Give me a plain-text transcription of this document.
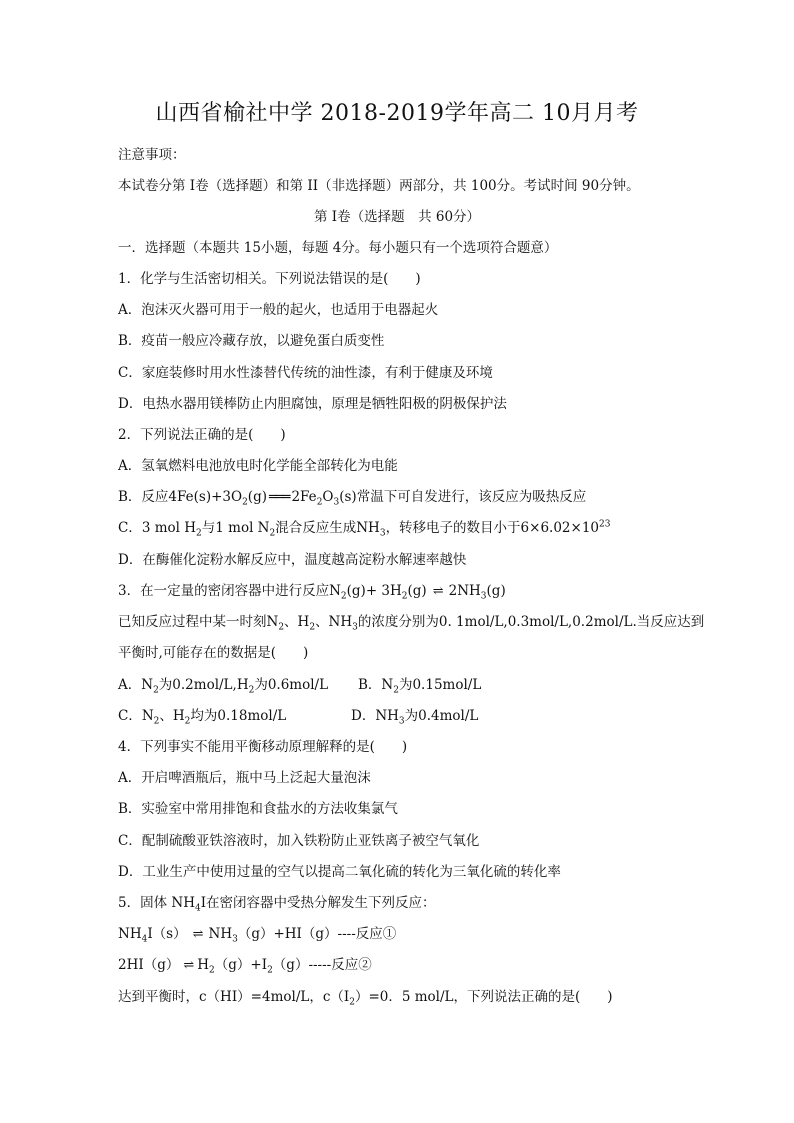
山西省榆社中学 2018-2019学年高二 10月月考
注意事项：
本试卷分第 I卷（选择题）和第 II（非选择题）两部分，共 100分。考试时间 90分钟。
第 I卷（选择题　共 60分）
一．选择题（本题共 15小题，每题 4分。每小题只有一个选项符合题意）
1．化学与生活密切相关。下列说法错误的是(　　)
A．泡沫灭火器可用于一般的起火，也适用于电器起火
B．疫苗一般应冷藏存放，以避免蛋白质变性
C．家庭装修时用水性漆替代传统的油性漆，有利于健康及环境
D．电热水器用镁棒防止内胆腐蚀，原理是牺牲阳极的阴极保护法
2．下列说法正确的是(　　)
A．氢氧燃料电池放电时化学能全部转化为电能
B．反应$4Fe(s)+3O_2(g)$ ═══ $2Fe_2O_3(s)$常温下可自发进行，该反应为吸热反应
C．3 mol $H_2$与1 mol $N_2$混合反应生成$NH_3$，转移电子的数目小于$6\times 6.02\times 10^{23}$
D．在酶催化淀粉水解反应中，温度越高淀粉水解速率越快
3．在一定量的密闭容器中进行反应$N_2(g)+ 3H_2(g)$ ⇌ $2NH_3(g)$
已知反应过程中某一时刻$N_2$、$H_2$、$NH_3$的浓度分别为0. 1mol/L,0.3mol/L,0.2mol/L.当反应达到
平衡时,可能存在的数据是(　　)
A．$N_2$为$0.2mol/L,H_2$为0.6mol/L B．$N_2$为0.15mol/L
C．$N_2$、$H_2$均为0.18mol/L	D．$NH_3$为0.4mol/L
4．下列事实不能用平衡移动原理解释的是(　　)
A．开启啤酒瓶后，瓶中马上泛起大量泡沫
B．实验室中常用排饱和食盐水的方法收集氯气
C．配制硫酸亚铁溶液时，加入铁粉防止亚铁离子被空气氧化
D．工业生产中使用过量的空气以提高二氧化硫的转化为三氧化硫的转化率
5．固体 $NH_4I$在密闭容器中受热分解发生下列反应：
$NH_4I(s)$ ⇌ $NH_3(g)+HI(g)----$反应①
2HI（g） ⇌ $H_2(g)+I_2(g)-----$反应②
达到平衡时，c（HI）=4mol/L，$c(I_2)=0$．5 mol/L，下列说法正确的是(　　)
